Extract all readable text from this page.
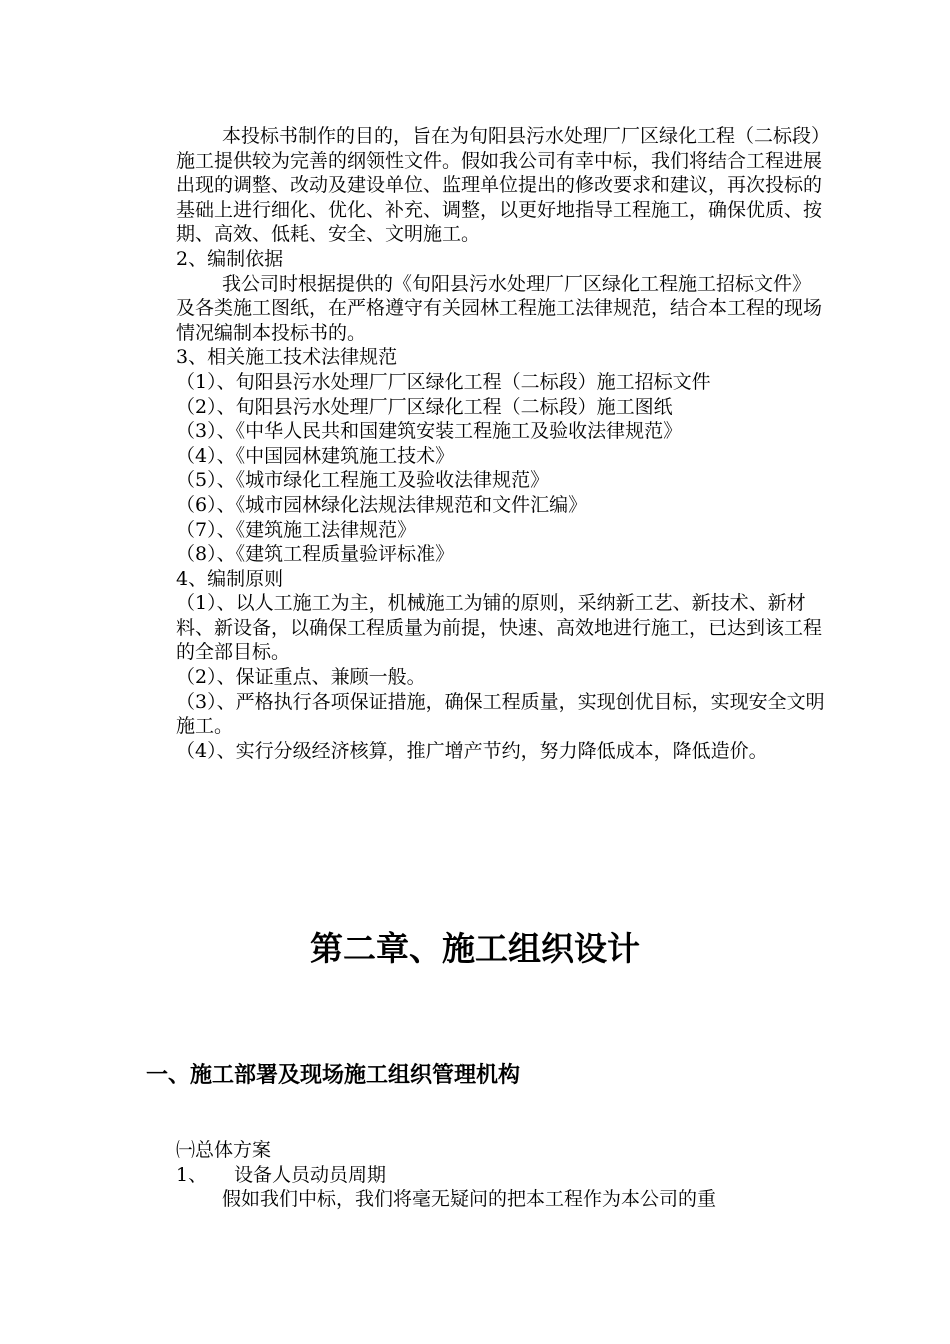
本投标书制作的目的，旨在为旬阳县污水处理厂厂区绿化工程（二标段）施工提供较为完善的纲领性文件。假如我公司有幸中标，我们将结合工程进展出现的调整、改动及建设单位、监理单位提出的修改要求和建议，再次投标的基础上进行细化、优化、补充、调整，以更好地指导工程施工，确保优质、按期、高效、低耗、安全、文明施工。

2、编制依据

我公司时根据提供的《旬阳县污水处理厂厂区绿化工程施工招标文件》及各类施工图纸，在严格遵守有关园林工程施工法律规范，结合本工程的现场情况编制本投标书的。

3、相关施工技术法律规范

（1）、旬阳县污水处理厂厂区绿化工程（二标段）施工招标文件

（2）、旬阳县污水处理厂厂区绿化工程（二标段）施工图纸

（3）、《中华人民共和国建筑安装工程施工及验收法律规范》

（4）、《中国园林建筑施工技术》

（5）、《城市绿化工程施工及验收法律规范》

（6）、《城市园林绿化法规法律规范和文件汇编》

（7）、《建筑施工法律规范》

（8）、《建筑工程质量验评标准》

4、编制原则

（1）、以人工施工为主，机械施工为铺的原则，采纳新工艺、新技术、新材料、新设备，以确保工程质量为前提，快速、高效地进行施工，已达到该工程的全部目标。

（2）、保证重点、兼顾一般。

（3）、严格执行各项保证措施，确保工程质量，实现创优目标，实现安全文明施工。

（4）、实行分级经济核算，推广增产节约，努力降低成本，降低造价。

第二章、施工组织设计
一、施工部署及现场施工组织管理机构

㈠总体方案

1、 设备人员动员周期

假如我们中标，我们将毫无疑问的把本工程作为本公司的重
